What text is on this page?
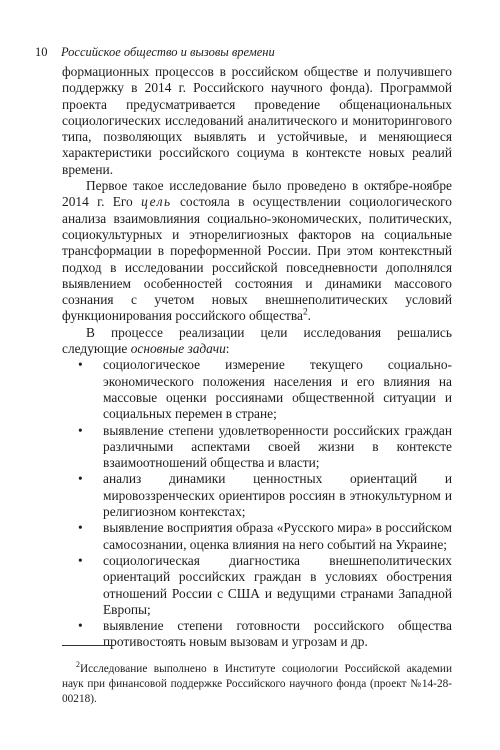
10 Российское общество и вызовы времени

формационных процессов в российском обществе и получившего поддержку в 2014 г. Российского научного фонда). Программой проекта предусматривается проведение общенациональных социологических исследований аналитического и мониторингового типа, позволяющих выявлять и устойчивые, и меняющиеся характеристики российского социума в контексте новых реалий времени.

Первое такое исследование было проведено в октябре-ноябре 2014 г. Его цель состояла в осуществлении социологического анализа взаимовлияния социально-экономических, политических, социокультурных и этнорелигиозных факторов на социальные трансформации в пореформенной России. При этом контекстный подход в исследовании российской повседневности дополнялся выявлением особенностей состояния и динамики массового сознания с учетом новых внешнеполитических условий функционирования российского общества$^2$.

В процессе реализации цели исследования решались следующие основные задачи:

• социологическое измерение текущего социально-экономического положения населения и его влияния на массовые оценки россиянами общественной ситуации и социальных перемен в стране;
• выявление степени удовлетворенности российских граждан различными аспектами своей жизни в контексте взаимоотношений общества и власти;
• анализ динамики ценностных ориентаций и мировоззренческих ориентиров россиян в этнокультурном и религиозном контекстах;
• выявление восприятия образа «Русского мира» в российском самосознании, оценка влияния на него событий на Украине;
• социологическая диагностика внешнеполитических ориентаций российских граждан в условиях обострения отношений России с США и ведущими странами Западной Европы;
• выявление степени готовности российского общества противостоять новым вызовам и угрозам и др.

$^2$Исследование выполнено в Институте социологии Российской академии наук при финансовой поддержке Российского научного фонда (проект №14-28-00218).
